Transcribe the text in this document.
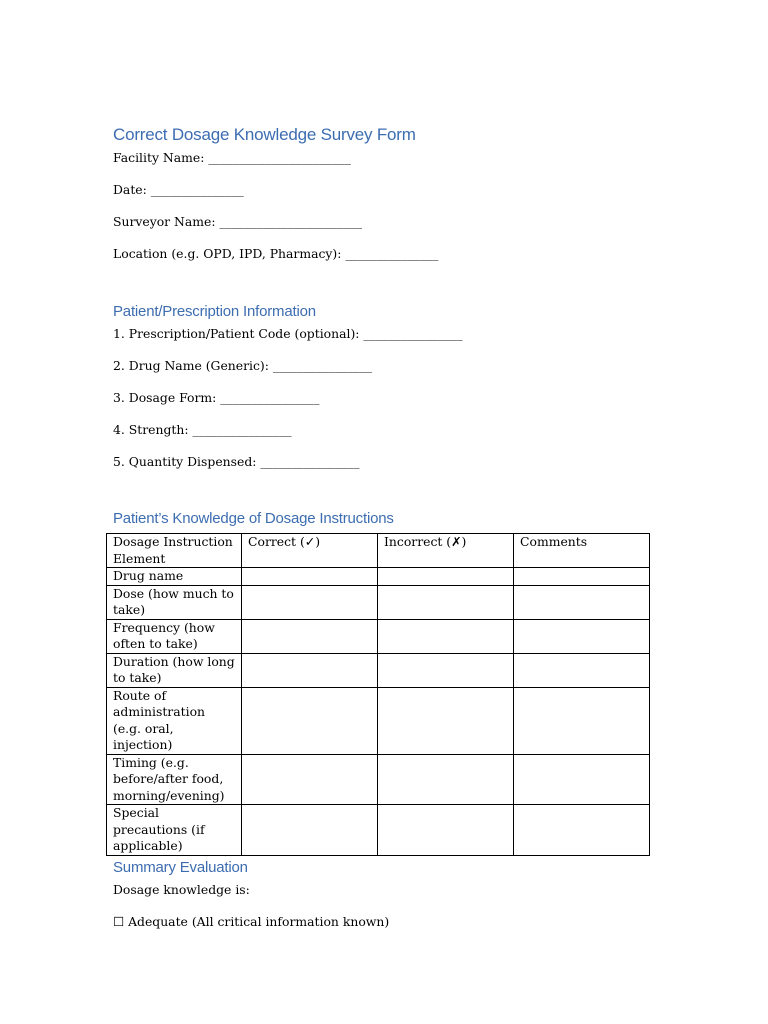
Correct Dosage Knowledge Survey Form

Facility Name: _______________________

Date: _______________

Surveyor Name: _______________________

Location (e.g. OPD, IPD, Pharmacy): _______________

Patient/Prescription Information

1. Prescription/Patient Code (optional): ________________

2. Drug Name (Generic): ________________

3. Dosage Form: ________________

4. Strength: ________________

5. Quantity Dispensed: ________________

Patient’s Knowledge of Dosage Instructions
Dosage Instruction Element	Correct (✓)	Incorrect (✗)	Comments
Drug name			
Dose (how much to take)			
Frequency (how often to take)			
Duration (how long to take)			
Route of administration (e.g. oral, injection)			
Timing (e.g. before/after food, morning/evening)			
Special precautions (if applicable)			
Summary Evaluation

Dosage knowledge is:

☐ Adequate (All critical information known)
